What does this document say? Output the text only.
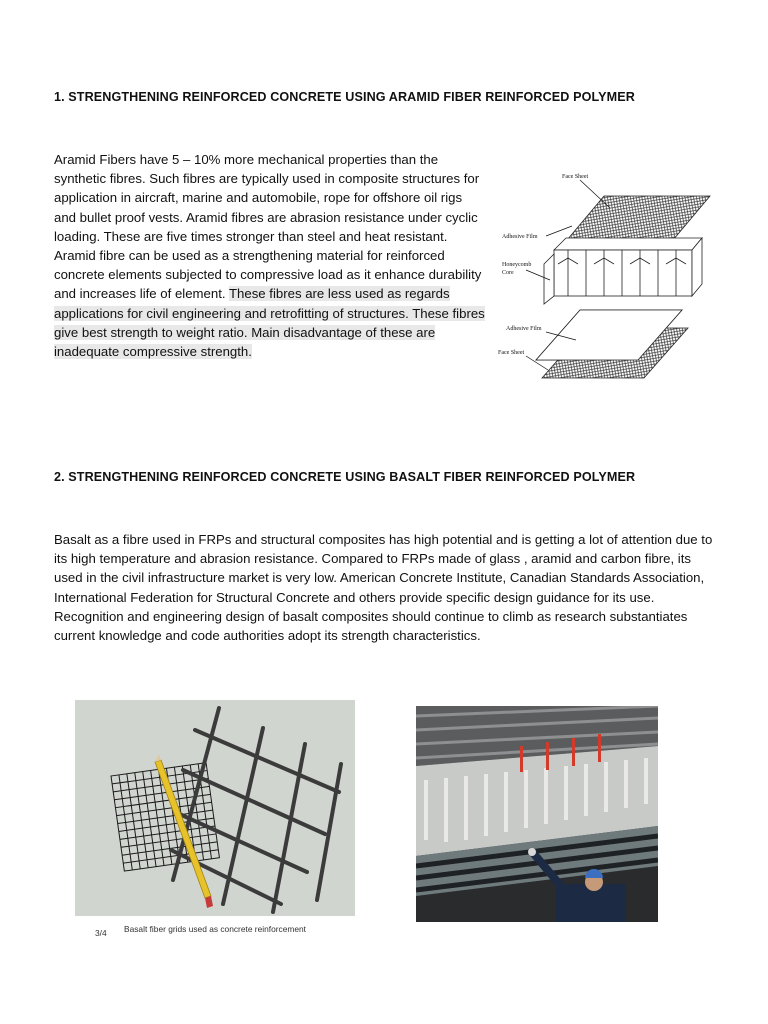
1. STRENGTHENING REINFORCED CONCRETE USING ARAMID FIBER REINFORCED POLYMER
Aramid Fibers have 5 – 10% more mechanical properties than the synthetic fibres. Such fibres are typically used in composite structures for application in aircraft, marine and automobile, rope for offshore oil rigs and bullet proof vests. Aramid fibres are abrasion resistance under cyclic loading. These are five times stronger than steel and heat resistant. Aramid fibre can be used as a strengthening material for reinforced concrete elements subjected to compressive load as it enhance durability and increases life of element. These fibres are less used as regards applications for civil engineering and retrofitting of structures. These fibres give best strength to weight ratio. Main disadvantage of these are inadequate compressive strength.
Face Sheet
Adhesive Film
Honeycomb
Core
Adhesive Film
Face Sheet
2. STRENGTHENING REINFORCED CONCRETE USING BASALT FIBER REINFORCED POLYMER
Basalt as a fibre used in FRPs and structural composites has high potential and is getting a lot of attention due to its high temperature and abrasion resistance. Compared to FRPs made of glass , aramid and carbon fibre, its used in the civil infrastructure market is very low. American Concrete Institute, Canadian Standards Association, International Federation for Structural Concrete and others provide specific design guidance for its use. Recognition and engineering design of basalt composites should continue to climb as research substantiates current knowledge and code authorities adopt its strength characteristics.
3/4 Basalt fiber grids used as concrete reinforcement
